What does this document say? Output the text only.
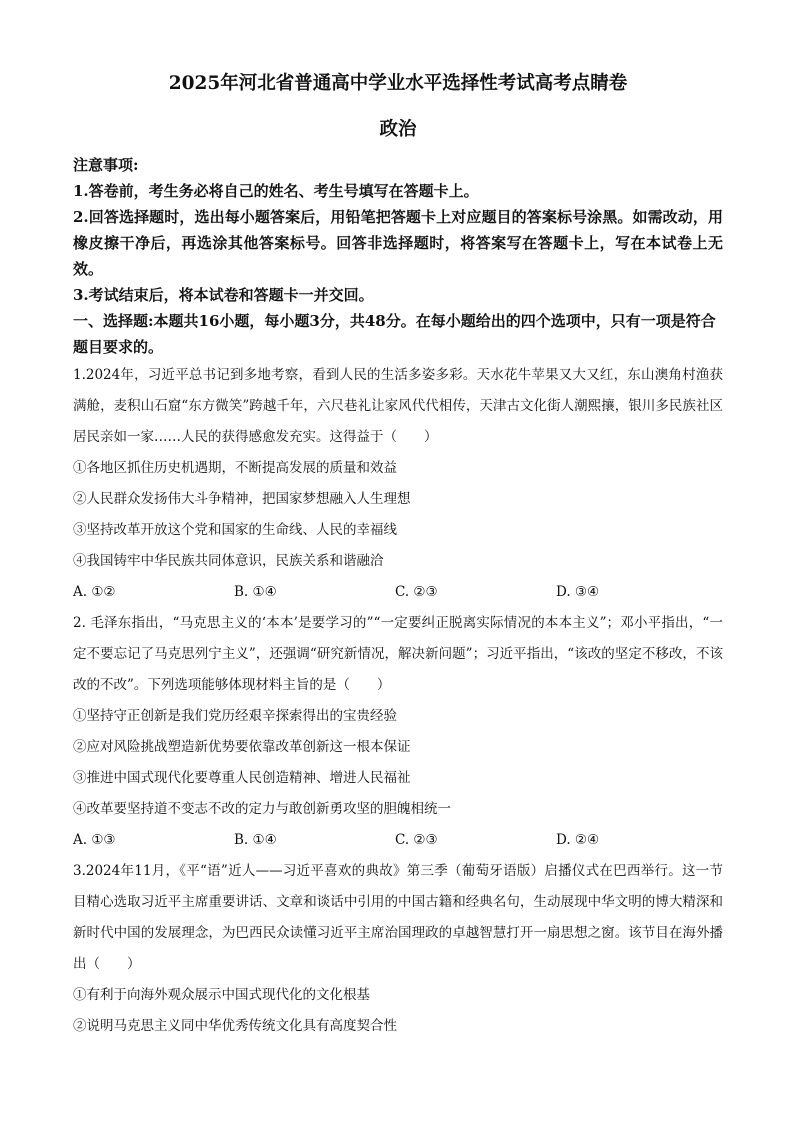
2025年河北省普通高中学业水平选择性考试高考点睛卷
政治
注意事项:
1.答卷前，考生务必将自己的姓名、考生号填写在答题卡上。
2.回答选择题时，选出每小题答案后，用铅笔把答题卡上对应题目的答案标号涂黑。如需改动，用橡皮擦干净后，再选涂其他答案标号。回答非选择题时，将答案写在答题卡上，写在本试卷上无效。
3.考试结束后，将本试卷和答题卡一并交回。
一、选择题:本题共16小题，每小题3分，共48分。在每小题给出的四个选项中，只有一项是符合题目要求的。
1.2024年，习近平总书记到多地考察，看到人民的生活多姿多彩。天水花牛苹果又大又红，东山澳角村渔获满舱，麦积山石窟“东方微笑”跨越千年，六尺巷礼让家风代代相传，天津古文化街人潮熙攘，银川多民族社区居民亲如一家……人民的获得感愈发充实。这得益于（　　）
①各地区抓住历史机遇期，不断提高发展的质量和效益
②人民群众发扬伟大斗争精神，把国家梦想融入人生理想
③坚持改革开放这个党和国家的生命线、人民的幸福线
④我国铸牢中华民族共同体意识，民族关系和谐融洽
A. ①②	B. ①④	C. ②③	D. ③④
2. 毛泽东指出，“马克思主义的‘本本’是要学习的”“一定要纠正脱离实际情况的本本主义”；邓小平指出，“一定不要忘记了马克思列宁主义”，还强调“研究新情况，解决新问题”；习近平指出，“该改的坚定不移改，不该改的不改”。下列选项能够体现材料主旨的是（　　）
①坚持守正创新是我们党历经艰辛探索得出的宝贵经验
②应对风险挑战塑造新优势要依靠改革创新这一根本保证
③推进中国式现代化要尊重人民创造精神、增进人民福祉
④改革要坚持道不变志不改的定力与敢创新勇攻坚的胆魄相统一
A. ①③	B. ①④	C. ②③	D. ②④
3.2024年11月，《平“语”近人——习近平喜欢的典故》第三季（葡萄牙语版）启播仪式在巴西举行。这一节目精心选取习近平主席重要讲话、文章和谈话中引用的中国古籍和经典名句，生动展现中华文明的博大精深和新时代中国的发展理念，为巴西民众读懂习近平主席治国理政的卓越智慧打开一扇思想之窗。该节目在海外播出（　　）
①有利于向海外观众展示中国式现代化的文化根基
②说明马克思主义同中华优秀传统文化具有高度契合性
